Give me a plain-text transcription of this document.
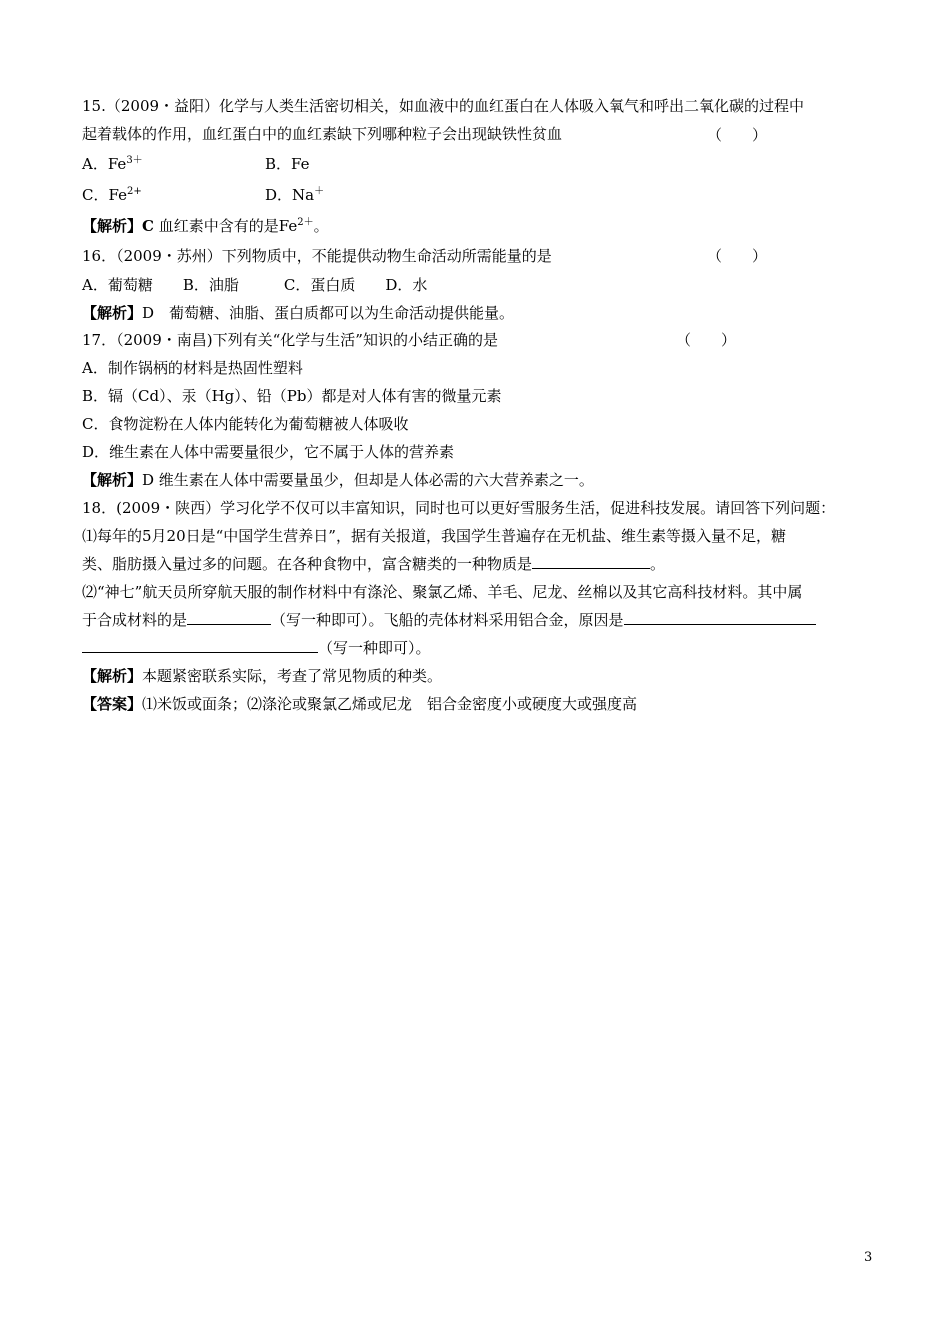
15.（2009・益阳）化学与人类生活密切相关，如血液中的血红蛋白在人体吸入氧气和呼出二氧化碳的过程中
起着载体的作用，血红蛋白中的血红素缺下列哪种粒子会出现缺铁性贫血	（　　）
A．$Fe^{3+}$	B．Fe
C．$Fe^{2+}$	D．Na＋
【解析】C 血红素中含有的是$Fe^{2+}$。
16．（2009・苏州）下列物质中，不能提供动物生命活动所需能量的是	（　　）
A．葡萄糖　　B．油脂　　　C．蛋白质　　D．水
【解析】D　葡萄糖、油脂、蛋白质都可以为生命活动提供能量。
17．（2009・南昌)下列有关“化学与生活”知识的小结正确的是	（　　）
A．制作锅柄的材料是热固性塑料
B．镉（Cd）、汞（Hg）、铅（Pb）都是对人体有害的微量元素
C．食物淀粉在人体内能转化为葡萄糖被人体吸收
D．维生素在人体中需要量很少，它不属于人体的营养素
【解析】D 维生素在人体中需要量虽少，但却是人体必需的六大营养素之一。
18．(2009・陕西）学习化学不仅可以丰富知识，同时也可以更好雪服务生活，促进科技发展。请回答下列问题：
⑴每年的5月20日是“中国学生营养日”，据有关报道，我国学生普遍存在无机盐、维生素等摄入量不足，糖
类、脂肪摄入量过多的问题。在各种食物中，富含糖类的一种物质是	。
⑵“神七”航天员所穿航天服的制作材料中有涤沦、聚氯乙烯、羊毛、尼龙、丝棉以及其它高科技材料。其中属
于合成材料的是	（写一种即可）。飞船的壳体材料采用铝合金，原因是
（写一种即可）。
【解析】本题紧密联系实际，考查了常见物质的种类。
【答案】⑴米饭或面条；⑵涤沦或聚氯乙烯或尼龙　铝合金密度小或硬度大或强度高
3
